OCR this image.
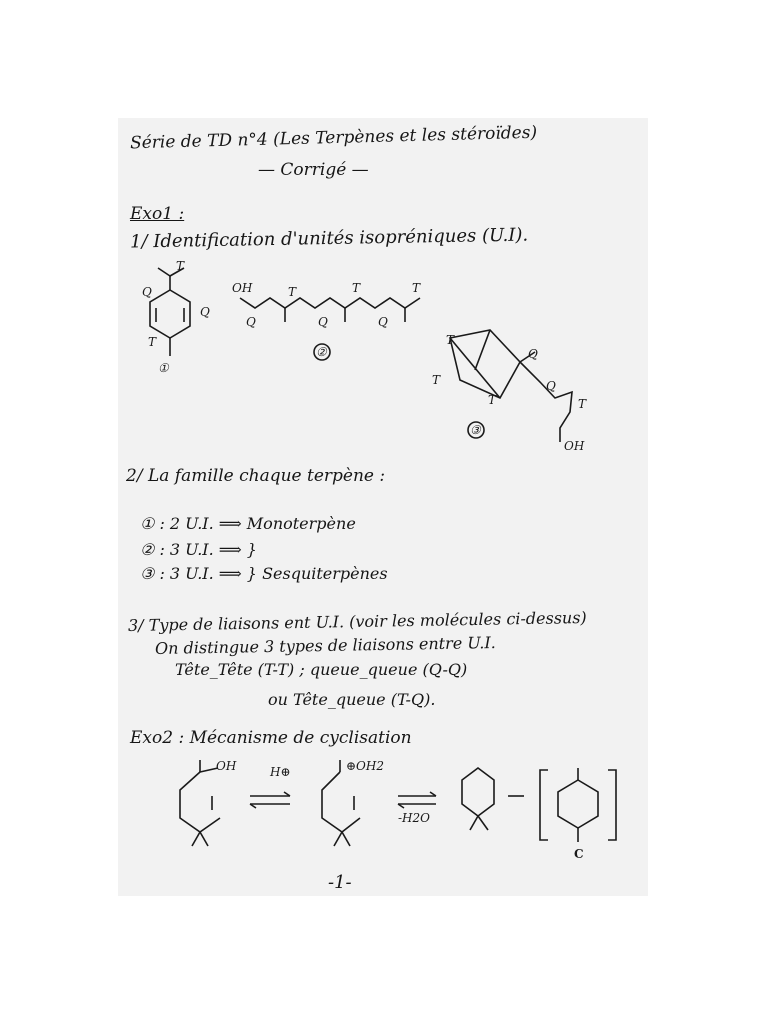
Série de TD n°4 (Les Terpènes et les stéroïdes)
— Corrigé —
Exo1 :
1/ Identification d'unités isopréniques (U.I).
T
Q
Q
T
①
OH
Q
T
Q
T
Q
T
②
T
Q
T
T
Q
T
OH
③
2/ La famille chaque terpène :
① : 2 U.I. ⟹ Monoterpène
② : 3 U.I. ⟹ }
③ : 3 U.I. ⟹ } Sesquiterpènes
3/ Type de liaisons ent U.I. (voir les molécules ci-dessus)
On distingue 3 types de liaisons entre U.I.
Tête_Tête (T-T) ; queue_queue (Q-Q)
ou Tête_queue (T-Q).
Exo2 : Mécanisme de cyclisation
OH	H⊕	⊕OH2
-H2O
C
-1-
